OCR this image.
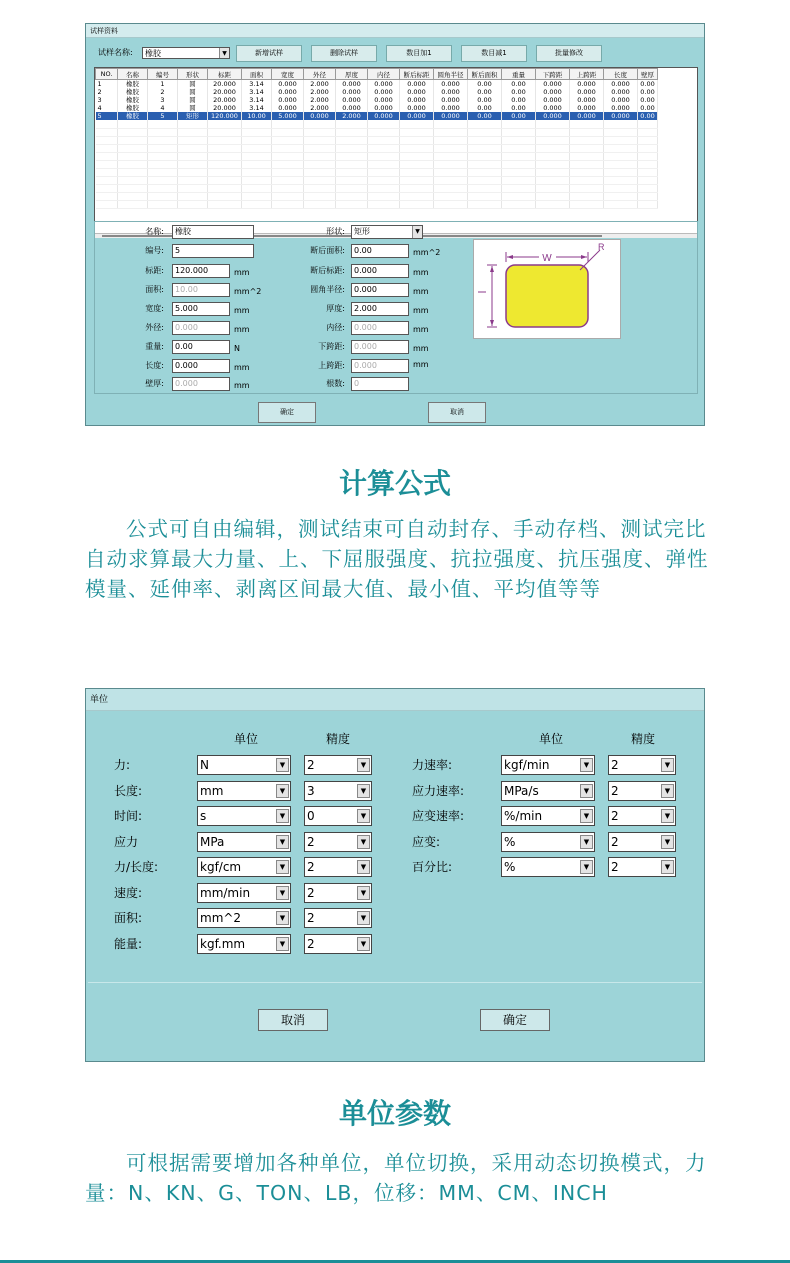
试样资料
试样名称:	橡胶	▼	新增试样	删除试样	数目加1	数目减1	批量修改
NO.	名称	编号	形状	标距	面积	宽度	外径	厚度	内径	断后标距	圆角半径	断后面积	重量	下跨距	上跨距	长度	壁厚
1	橡胶	1	圆	20.000	3.14	0.000	2.000	0.000	0.000	0.000	0.000	0.00	0.00	0.000	0.000	0.000	0.00
2	橡胶	2	圆	20.000	3.14	0.000	2.000	0.000	0.000	0.000	0.000	0.00	0.00	0.000	0.000	0.000	0.00
3	橡胶	3	圆	20.000	3.14	0.000	2.000	0.000	0.000	0.000	0.000	0.00	0.00	0.000	0.000	0.000	0.00
4	橡胶	4	圆	20.000	3.14	0.000	2.000	0.000	0.000	0.000	0.000	0.00	0.00	0.000	0.000	0.000	0.00
5	橡胶	5	矩形	120.000	10.00	5.000	0.000	2.000	0.000	0.000	0.000	0.00	0.00	0.000	0.000	0.000	0.00

名称:	橡胶
编号:	5
标距:	120.000	mm
面积:	10.00	mm^2
宽度:	5.000	mm
外径:	0.000	mm
重量:	0.00	N
长度:	0.000	mm
壁厚:	0.000	mm
形状:	矩形	▼
断后面积:	0.00	mm^2
断后标距:	0.000	mm
圆角半径:	0.000	mm
厚度:	2.000	mm
内径:	0.000	mm
下跨距:	0.000	mm
上跨距:	0.000	mm
根数:	0
W
R
确定	取消
计算公式
公式可自由编辑，测试结束可自动封存、手动存档、测试完比自动求算最大力量、上、下屈服强度、抗拉强度、抗压强度、弹性模量、延伸率、剥离区间最大值、最小值、平均值等等
单位
单位	精度	单位	精度
取消	确定
力:	N	▼	2	▼
长度:	mm	▼	3	▼
时间:	s	▼	0	▼
应力	MPa	▼	2	▼
力/长度:	kgf/cm	▼	2	▼
速度:	mm/min	▼	2	▼
面积:	mm^2	▼	2	▼
能量:	kgf.mm	▼	2	▼
力速率:	kgf/min	▼	2	▼
应力速率:	MPa/s	▼	2	▼
应变速率:	%/min	▼	2	▼
应变:	%	▼	2	▼
百分比:	%	▼	2	▼
单位参数
可根据需要增加各种单位，单位切换，采用动态切换模式，力量：N、KN、G、TON、LB，位移：MM、CM、INCH
